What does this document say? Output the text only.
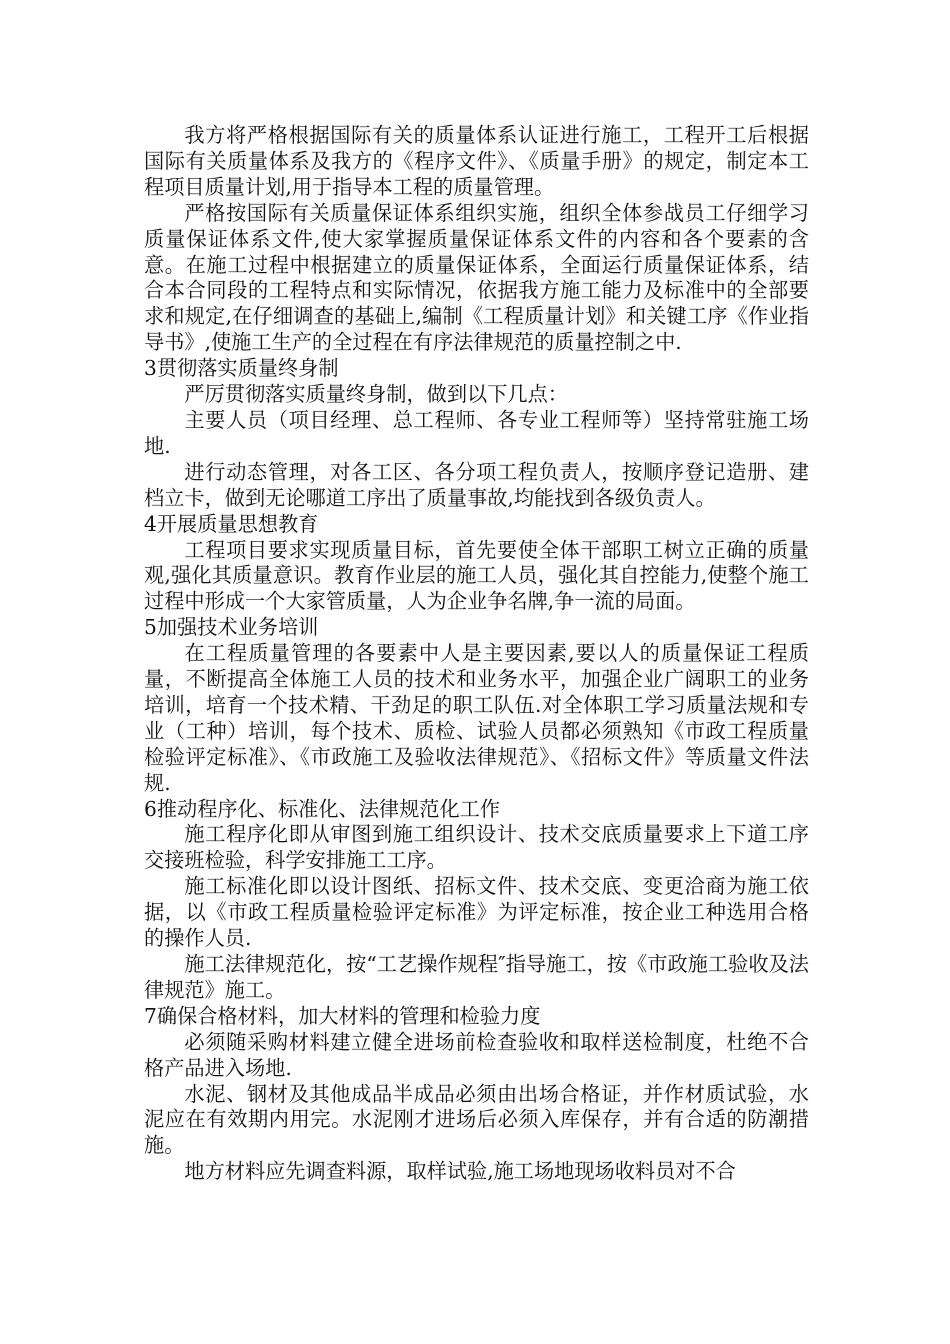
我方将严格根据国际有关的质量体系认证进行施工，工程开工后根据国际有关质量体系及我方的《程序文件》、《质量手册》的规定，制定本工程项目质量计划,用于指导本工程的质量管理。

严格按国际有关质量保证体系组织实施，组织全体参战员工仔细学习质量保证体系文件,使大家掌握质量保证体系文件的内容和各个要素的含意。在施工过程中根据建立的质量保证体系，全面运行质量保证体系，结合本合同段的工程特点和实际情况，依据我方施工能力及标准中的全部要求和规定,在仔细调查的基础上,编制《工程质量计划》和关键工序《作业指导书》,使施工生产的全过程在有序法律规范的质量控制之中.

3贯彻落实质量终身制

严厉贯彻落实质量终身制，做到以下几点：

主要人员（项目经理、总工程师、各专业工程师等）坚持常驻施工场地.

进行动态管理，对各工区、各分项工程负责人，按顺序登记造册、建档立卡，做到无论哪道工序出了质量事故,均能找到各级负责人。

4开展质量思想教育

工程项目要求实现质量目标，首先要使全体干部职工树立正确的质量观,强化其质量意识。教育作业层的施工人员，强化其自控能力,使整个施工过程中形成一个大家管质量，人为企业争名牌,争一流的局面。

5加强技术业务培训

在工程质量管理的各要素中人是主要因素,要以人的质量保证工程质量，不断提高全体施工人员的技术和业务水平，加强企业广阔职工的业务培训，培育一个技术精、干劲足的职工队伍.对全体职工学习质量法规和专业（工种）培训，每个技术、质检、试验人员都必须熟知《市政工程质量检验评定标准》、《市政施工及验收法律规范》、《招标文件》等质量文件法规.

6推动程序化、标准化、法律规范化工作

施工程序化即从审图到施工组织设计、技术交底质量要求上下道工序交接班检验，科学安排施工工序。

施工标准化即以设计图纸、招标文件、技术交底、变更洽商为施工依据，以《市政工程质量检验评定标准》为评定标准，按企业工种选用合格的操作人员.

施工法律规范化，按“工艺操作规程″指导施工，按《市政施工验收及法律规范》施工。

7确保合格材料，加大材料的管理和检验力度

必须随采购材料建立健全进场前检查验收和取样送检制度，杜绝不合格产品进入场地.

水泥、钢材及其他成品半成品必须由出场合格证，并作材质试验，水泥应在有效期内用完。水泥刚才进场后必须入库保存，并有合适的防潮措施。

地方材料应先调查料源，取样试验,施工场地现场收料员对不合
